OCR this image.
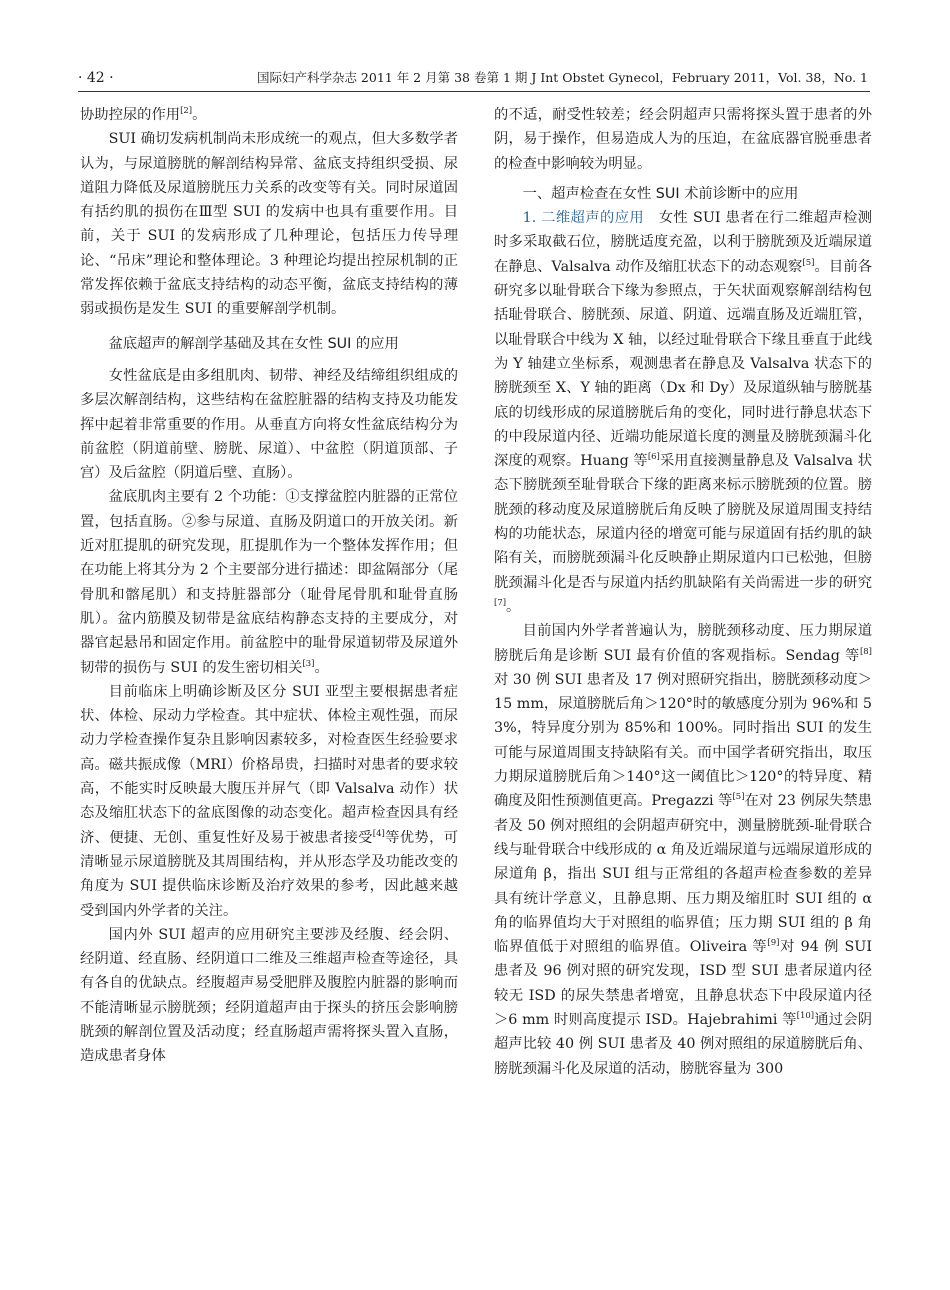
· 42 ·	国际妇产科学杂志 2011 年 2 月第 38 卷第 1 期 J Int Obstet Gynecol，February 2011，Vol. 38，No. 1

协助控尿的作用[2]。

SUI 确切发病机制尚未形成统一的观点，但大多数学者认为，与尿道膀胱的解剖结构异常、盆底支持组织受损、尿道阻力降低及尿道膀胱压力关系的改变等有关。同时尿道固有括约肌的损伤在Ⅲ型 SUI 的发病中也具有重要作用。目前，关于 SUI 的发病形成了几种理论，包括压力传导理论、“吊床”理论和整体理论。3 种理论均提出控尿机制的正常发挥依赖于盆底支持结构的动态平衡，盆底支持结构的薄弱或损伤是发生 SUI 的重要解剖学机制。

盆底超声的解剖学基础及其在女性 SUI 的应用

女性盆底是由多组肌肉、韧带、神经及结缔组织组成的多层次解剖结构，这些结构在盆腔脏器的结构支持及功能发挥中起着非常重要的作用。从垂直方向将女性盆底结构分为前盆腔（阴道前壁、膀胱、尿道）、中盆腔（阴道顶部、子宫）及后盆腔（阴道后壁、直肠）。

盆底肌肉主要有 2 个功能：①支撑盆腔内脏器的正常位置，包括直肠。②参与尿道、直肠及阴道口的开放关闭。新近对肛提肌的研究发现，肛提肌作为一个整体发挥作用；但在功能上将其分为 2 个主要部分进行描述：即盆隔部分（尾骨肌和髂尾肌）和支持脏器部分（耻骨尾骨肌和耻骨直肠肌）。盆内筋膜及韧带是盆底结构静态支持的主要成分，对器官起悬吊和固定作用。前盆腔中的耻骨尿道韧带及尿道外韧带的损伤与 SUI 的发生密切相关[3]。

目前临床上明确诊断及区分 SUI 亚型主要根据患者症状、体检、尿动力学检查。其中症状、体检主观性强，而尿动力学检查操作复杂且影响因素较多，对检查医生经验要求高。磁共振成像（MRI）价格昂贵，扫描时对患者的要求较高，不能实时反映最大腹压并屏气（即 Valsalva 动作）状态及缩肛状态下的盆底图像的动态变化。超声检查因具有经济、便捷、无创、重复性好及易于被患者接受[4]等优势，可清晰显示尿道膀胱及其周围结构，并从形态学及功能改变的角度为 SUI 提供临床诊断及治疗效果的参考，因此越来越受到国内外学者的关注。

国内外 SUI 超声的应用研究主要涉及经腹、经会阴、经阴道、经直肠、经阴道口二维及三维超声检查等途径，具有各自的优缺点。经腹超声易受肥胖及腹腔内脏器的影响而不能清晰显示膀胱颈；经阴道超声由于探头的挤压会影响膀胱颈的解剖位置及活动度；经直肠超声需将探头置入直肠，造成患者身体

的不适，耐受性较差；经会阴超声只需将探头置于患者的外阴，易于操作，但易造成人为的压迫，在盆底器官脱垂患者的检查中影响较为明显。

一、超声检查在女性 SUI 术前诊断中的应用

1. 二维超声的应用　 女性 SUI 患者在行二维超声检测时多采取截石位，膀胱适度充盈，以利于膀胱颈及近端尿道在静息、Valsalva 动作及缩肛状态下的动态观察[5]。目前各研究多以耻骨联合下缘为参照点，于矢状面观察解剖结构包括耻骨联合、膀胱颈、尿道、阴道、远端直肠及近端肛管，以耻骨联合中线为 X 轴，以经过耻骨联合下缘且垂直于此线为 Y 轴建立坐标系，观测患者在静息及 Valsalva 状态下的膀胱颈至 X、Y 轴的距离（Dx 和 Dy）及尿道纵轴与膀胱基底的切线形成的尿道膀胱后角的变化，同时进行静息状态下的中段尿道内径、近端功能尿道长度的测量及膀胱颈漏斗化深度的观察。Huang 等[6]采用直接测量静息及 Valsalva 状态下膀胱颈至耻骨联合下缘的距离来标示膀胱颈的位置。膀胱颈的移动度及尿道膀胱后角反映了膀胱及尿道周围支持结构的功能状态，尿道内径的增宽可能与尿道固有括约肌的缺陷有关，而膀胱颈漏斗化反映静止期尿道内口已松弛，但膀胱颈漏斗化是否与尿道内括约肌缺陷有关尚需进一步的研究[7]。

目前国内外学者普遍认为，膀胱颈移动度、压力期尿道膀胱后角是诊断 SUI 最有价值的客观指标。Sendag 等[8]对 30 例 SUI 患者及 17 例对照研究指出，膀胱颈移动度＞15 mm，尿道膀胱后角＞120°时的敏感度分别为 96%和 53%，特异度分别为 85%和 100%。同时指出 SUI 的发生可能与尿道周围支持缺陷有关。而中国学者研究指出，取压力期尿道膀胱后角＞140°这一阈值比＞120°的特异度、精确度及阳性预测值更高。Pregazzi 等[5]在对 23 例尿失禁患者及 50 例对照组的会阴超声研究中，测量膀胱颈-耻骨联合线与耻骨联合中线形成的 α 角及近端尿道与远端尿道形成的尿道角 β，指出 SUI 组与正常组的各超声检查参数的差异具有统计学意义，且静息期、压力期及缩肛时 SUI 组的 α 角的临界值均大于对照组的临界值；压力期 SUI 组的 β 角临界值低于对照组的临界值。Oliveira 等[9]对 94 例 SUI 患者及 96 例对照的研究发现，ISD 型 SUI 患者尿道内径较无 ISD 的尿失禁患者增宽，且静息状态下中段尿道内径＞6 mm 时则高度提示 ISD。Hajebrahimi 等[10]通过会阴超声比较 40 例 SUI 患者及 40 例对照组的尿道膀胱后角、膀胱颈漏斗化及尿道的活动，膀胱容量为 300
